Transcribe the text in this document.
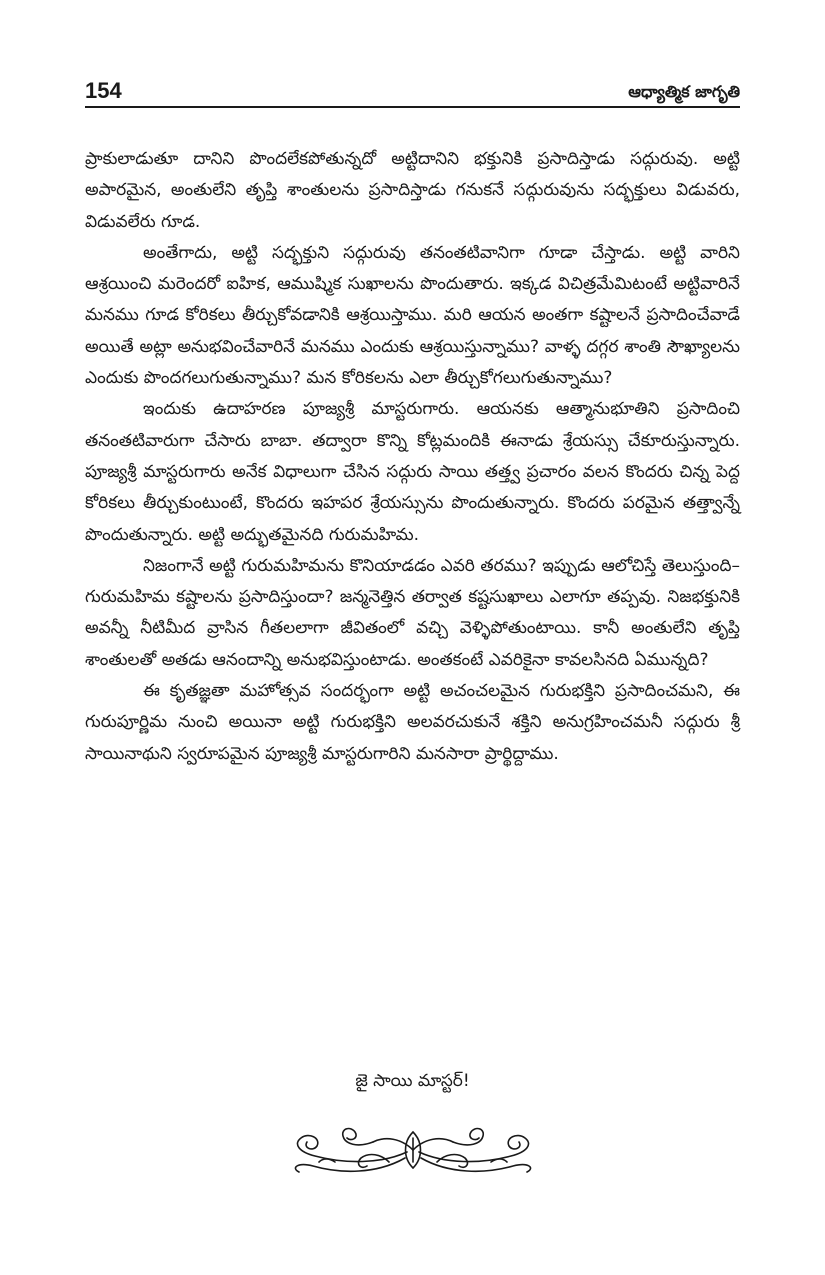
154	ఆధ్యాత్మిక జాగృతి

ప్రాకులాడుతూ దానిని పొందలేకపోతున్నదో అట్టిదానిని భక్తునికి ప్రసాదిస్తాడు సద్గురువు. అట్టి అపారమైన, అంతులేని తృప్తి శాంతులను ప్రసాదిస్తాడు గనుకనే సద్గురువును సద్భక్తులు విడువరు, విడువలేరు గూడ.

అంతేగాదు, అట్టి సద్భక్తుని సద్గురువు తనంతటివానిగా గూడా చేస్తాడు. అట్టి వారిని ఆశ్రయించి మరెందరో ఐహిక, ఆముష్మిక సుఖాలను పొందుతారు. ఇక్కడ విచిత్రమేమిటంటే అట్టివారినే మనము గూడ కోరికలు తీర్చుకోవడానికి ఆశ్రయిస్తాము. మరి ఆయన అంతగా కష్టాలనే ప్రసాదించేవాడే అయితే అట్లా అనుభవించేవారినే మనము ఎందుకు ఆశ్రయిస్తున్నాము? వాళ్ళ దగ్గర శాంతి సౌఖ్యాలను ఎందుకు పొందగలుగుతున్నాము? మన కోరికలను ఎలా తీర్చుకోగలుగుతున్నాము?

ఇందుకు ఉదాహరణ పూజ్యశ్రీ మాస్టరుగారు. ఆయనకు ఆత్మానుభూతిని ప్రసాదించి తనంతటివారుగా చేసారు బాబా. తద్వారా కొన్ని కోట్లమందికి ఈనాడు శ్రేయస్సు చేకూరుస్తున్నారు. పూజ్యశ్రీ మాస్టరుగారు అనేక విధాలుగా చేసిన సద్గురు సాయి తత్త్వ ప్రచారం వలన కొందరు చిన్న పెద్ద కోరికలు తీర్చుకుంటుంటే, కొందరు ఇహపర శ్రేయస్సును పొందుతున్నారు. కొందరు పరమైన తత్త్వాన్నే పొందుతున్నారు. అట్టి అద్భుతమైనది గురుమహిమ.

నిజంగానే అట్టి గురుమహిమను కొనియాడడం ఎవరి తరము? ఇప్పుడు ఆలోచిస్తే తెలుస్తుంది– గురుమహిమ కష్టాలను ప్రసాదిస్తుందా? జన్మనెత్తిన తర్వాత కష్టసుఖాలు ఎలాగూ తప్పవు. నిజభక్తునికి అవన్నీ నీటిమీద వ్రాసిన గీతలలాగా జీవితంలో వచ్చి వెళ్ళిపోతుంటాయి. కానీ అంతులేని తృప్తి శాంతులతో అతడు ఆనందాన్ని అనుభవిస్తుంటాడు. అంతకంటే ఎవరికైనా కావలసినది ఏమున్నది?

ఈ కృతజ్ఞతా మహోత్సవ సందర్భంగా అట్టి అచంచలమైన గురుభక్తిని ప్రసాదించమని, ఈ గురుపూర్ణిమ నుంచి అయినా అట్టి గురుభక్తిని అలవరచుకునే శక్తిని అనుగ్రహించమనీ సద్గురు శ్రీ సాయినాథుని స్వరూపమైన పూజ్యశ్రీ మాస్టరుగారిని మనసారా ప్రార్థిద్దాము.

జై సాయి మాస్టర్!
